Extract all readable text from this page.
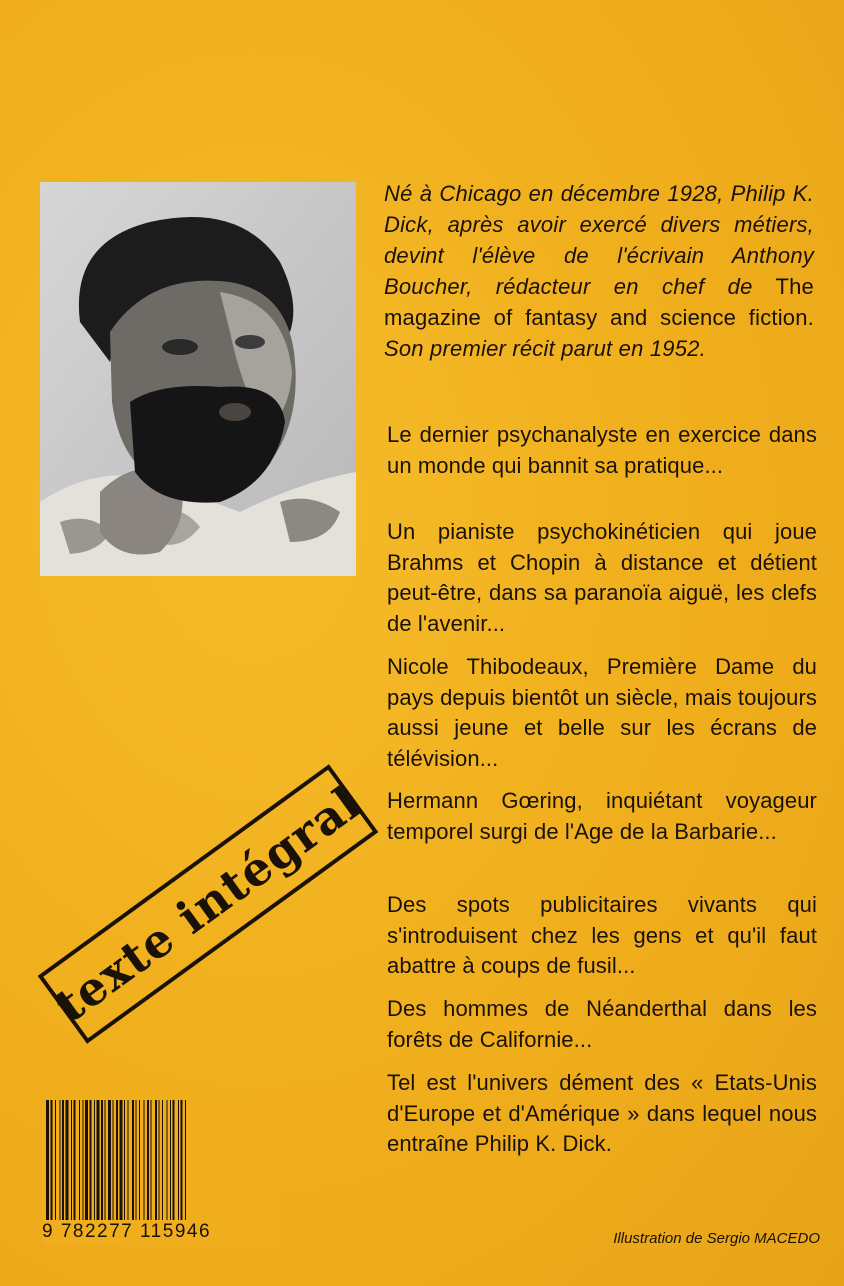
Né à Chicago en décembre 1928, Philip K. Dick, après avoir exercé divers métiers, devint l'élève de l'écrivain Anthony Boucher, rédacteur en chef de The magazine of fantasy and science fiction. Son premier récit parut en 1952.

Le dernier psychanalyste en exercice dans un monde qui bannit sa pratique...

Un pianiste psychokinéticien qui joue Brahms et Chopin à distance et détient peut-être, dans sa paranoïa aiguë, les clefs de l'avenir...

Nicole Thibodeaux, Première Dame du pays depuis bientôt un siècle, mais toujours aussi jeune et belle sur les écrans de télévision...

Hermann Gœring, inquiétant voyageur temporel surgi de l'Age de la Barbarie...

Des spots publicitaires vivants qui s'introduisent chez les gens et qu'il faut abattre à coups de fusil...

Des hommes de Néanderthal dans les forêts de Californie...

Tel est l'univers dément des « Etats-Unis d'Europe et d'Amérique » dans lequel nous entraîne Philip K. Dick.

texte intégral
9 782277 115946	Illustration de Sergio MACEDO
